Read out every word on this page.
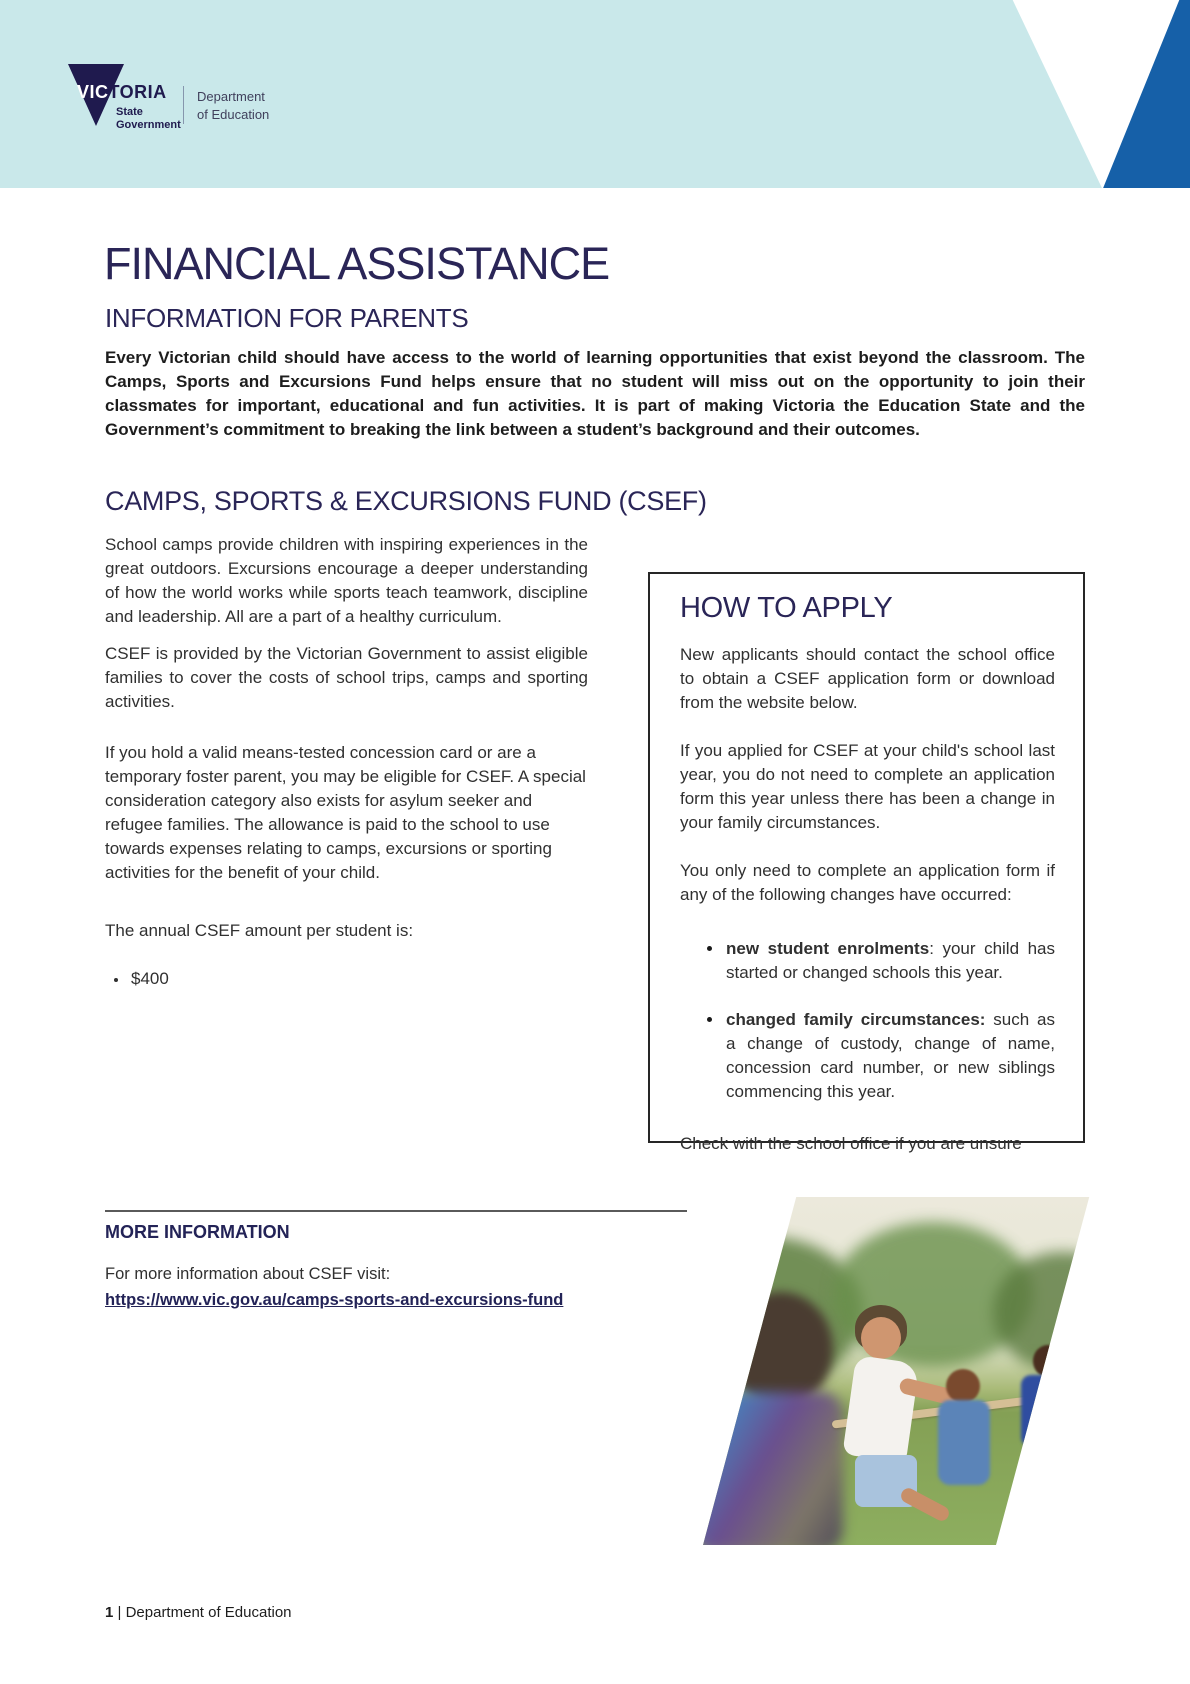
VICTORIA
State
Government
Department
of Education
FINANCIAL ASSISTANCE
INFORMATION FOR PARENTS
Every Victorian child should have access to the world of learning opportunities that exist beyond the classroom. The Camps, Sports and Excursions Fund helps ensure that no student will miss out on the opportunity to join their classmates for important, educational and fun activities. It is part of making Victoria the Education State and the Government’s commitment to breaking the link between a student’s background and their outcomes.
CAMPS, SPORTS & EXCURSIONS FUND (CSEF)

School camps provide children with inspiring experiences in the great outdoors. Excursions encourage a deeper understanding of how the world works while sports teach teamwork, discipline and leadership. All are a part of a healthy curriculum.

CSEF is provided by the Victorian Government to assist eligible families to cover the costs of school trips, camps and sporting activities.

If you hold a valid means-tested concession card or are a temporary foster parent, you may be eligible for CSEF. A special consideration category also exists for asylum seeker and refugee families. The allowance is paid to the school to use towards expenses relating to camps, excursions or sporting activities for the benefit of your child.

The annual CSEF amount per student is:

• $400
HOW TO APPLY

New applicants should contact the school office to obtain a CSEF application form or download from the website below.

If you applied for CSEF at your child's school last year, you do not need to complete an application form this year unless there has been a change in your family circumstances.

You only need to complete an application form if any of the following changes have occurred:

• new student enrolments: your child has started or changed schools this year.
• changed family circumstances: such as a change of custody, change of name, concession card number, or new siblings commencing this year.

Check with the school office if you are unsure

MORE INFORMATION

For more information about CSEF visit:

https://www.vic.gov.au/camps-sports-and-excursions-fund
1 | Department of Education
